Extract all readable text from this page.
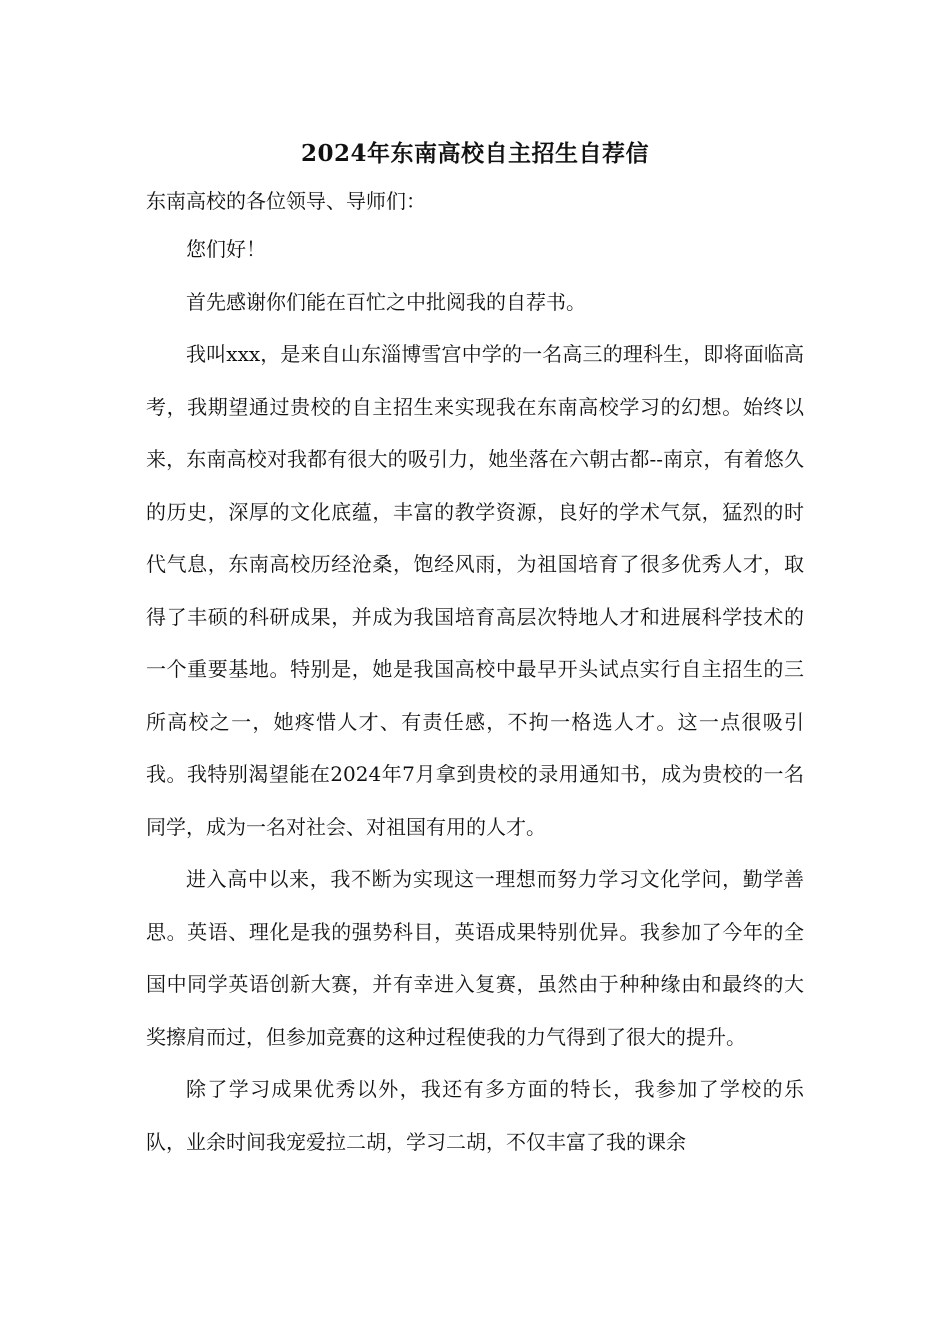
2024年东南高校自主招生自荐信
东南高校的各位领导、导师们：

您们好！

首先感谢你们能在百忙之中批阅我的自荐书。

我叫xxx，是来自山东淄博雪宫中学的一名高三的理科生，即将面临高考，我期望通过贵校的自主招生来实现我在东南高校学习的幻想。始终以来，东南高校对我都有很大的吸引力，她坐落在六朝古都--南京，有着悠久的历史，深厚的文化底蕴，丰富的教学资源，良好的学术气氛，猛烈的时代气息，东南高校历经沧桑，饱经风雨，为祖国培育了很多优秀人才，取得了丰硕的科研成果，并成为我国培育高层次特地人才和进展科学技术的一个重要基地。特别是，她是我国高校中最早开头试点实行自主招生的三所高校之一，她疼惜人才、有责任感，不拘一格选人才。这一点很吸引我。我特别渴望能在2024年7月拿到贵校的录用通知书，成为贵校的一名同学，成为一名对社会、对祖国有用的人才。

进入高中以来，我不断为实现这一理想而努力学习文化学问，勤学善思。英语、理化是我的强势科目，英语成果特别优异。我参加了今年的全国中同学英语创新大赛，并有幸进入复赛，虽然由于种种缘由和最终的大奖擦肩而过，但参加竞赛的这种过程使我的力气得到了很大的提升。

除了学习成果优秀以外，我还有多方面的特长，我参加了学校的乐队，业余时间我宠爱拉二胡，学习二胡，不仅丰富了我的课余
